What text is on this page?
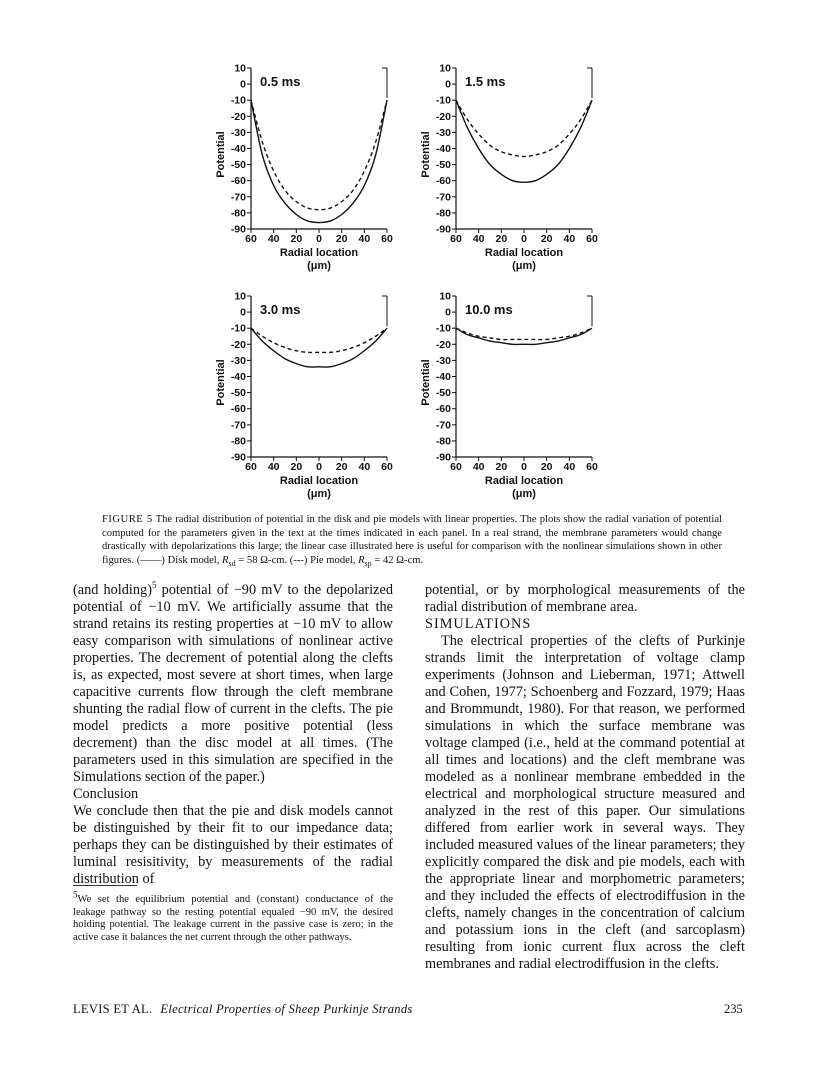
10
0
-10
-20
-30
-40
-50
-60
-70
-80
-90
60 40 20 0 20 40 60
Radial location
(μm)
Potential
0.5 ms
10
0
-10
-20
-30
-40
-50
-60
-70
-80
-90
60 40 20 0 20 40 60
Radial location
(μm)
Potential
1.5 ms
10
0
-10
-20
-30
-40
-50
-60
-70
-80
-90
60 40 20 0 20 40 60
Radial location
(μm)
Potential
3.0 ms
10
0
-10
-20
-30
-40
-50
-60
-70
-80
-90
60 40 20 0 20 40 60
Radial location
(μm)
Potential
10.0 ms
FIGURE 5 The radial distribution of potential in the disk and pie models with linear properties. The plots show the radial variation of potential computed for the parameters given in the text at the times indicated in each panel. In a real strand, the membrane parameters would change drastically with depolarizations this large; the linear case illustrated here is useful for comparison with the nonlinear simulations shown in other figures. (——) Disk model, $R_{sd} = 58$ Ω-cm. (---) Pie model, $R_{sp} = 42$ Ω-cm.

(and holding)$^5$ potential of −90 mV to the depolarized potential of −10 mV. We artificially assume that the strand retains its resting properties at −10 mV to allow easy comparison with simulations of nonlinear active properties. The decrement of potential along the clefts is, as expected, most severe at short times, when large capacitive currents flow through the cleft membrane shunting the radial flow of current in the clefts. The pie model predicts a more positive potential (less decrement) than the disc model at all times. (The parameters used in this simulation are specified in the Simulations section of the paper.)

Conclusion

We conclude then that the pie and disk models cannot be distinguished by their fit to our impedance data; perhaps they can be distinguished by their estimates of luminal resisitivity, by measurements of the radial distribution of

$^5$We set the equilibrium potential and (constant) conductance of the leakage pathway so the resting potential equaled −90 mV, the desired holding potential. The leakage current in the passive case is zero; in the active case it balances the net current through the other pathways.

potential, or by morphological measurements of the radial distribution of membrane area.

SIMULATIONS

The electrical properties of the clefts of Purkinje strands limit the interpretation of voltage clamp experiments (Johnson and Lieberman, 1971; Attwell and Cohen, 1977; Schoenberg and Fozzard, 1979; Haas and Brommundt, 1980). For that reason, we performed simulations in which the surface membrane was voltage clamped (i.e., held at the command potential at all times and locations) and the cleft membrane was modeled as a nonlinear membrane embedded in the electrical and morphological structure measured and analyzed in the rest of this paper. Our simulations differed from earlier work in several ways. They included measured values of the linear parameters; they explicitly compared the disk and pie models, each with the appropriate linear and morphometric parameters; and they included the effects of electrodiffusion in the clefts, namely changes in the concentration of calcium and potassium ions in the cleft (and sarcoplasm) resulting from ionic current flux across the cleft membranes and radial electrodiffusion in the clefts.

LEVIS ET AL. Electrical Properties of Sheep Purkinje Strands	235
